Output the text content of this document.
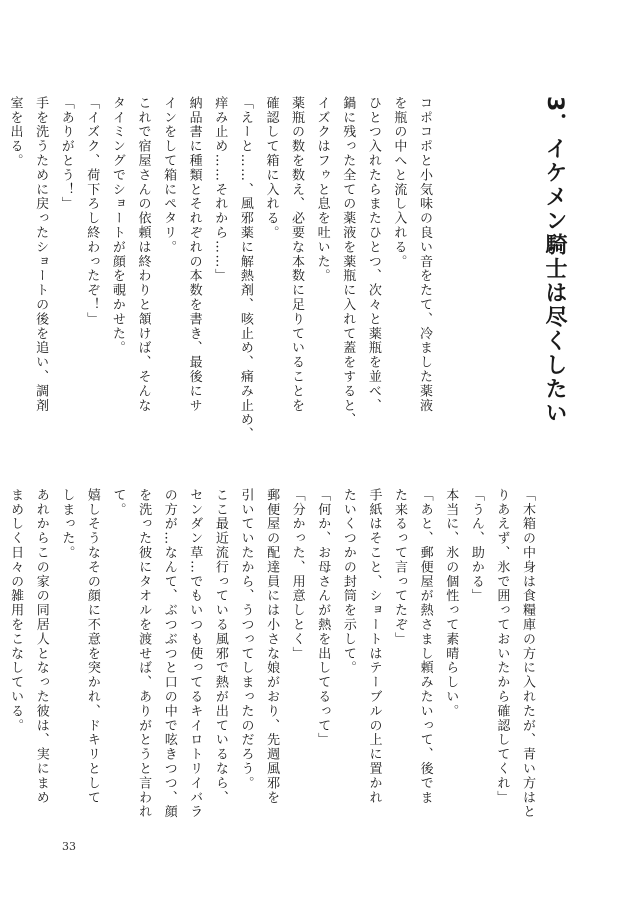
3．イケメン騎士は尽くしたい
コポコポと小気味の良い音をたて、冷ました薬液
を瓶の中へと流し入れる。
ひとつ入れたらまたひとつ、次々と薬瓶を並べ、
鍋に残った全ての薬液を薬瓶に入れて蓋をすると、
イズクはフゥと息を吐いた。
薬瓶の数を数え、必要な本数に足りていることを
確認して箱に入れる。
「えーと……、風邪薬に解熱剤、咳止め、痛み止め、
痒み止め……それから……」
納品書に種類とそれぞれの本数を書き、最後にサ
インをして箱にペタリ。
これで宿屋さんの依頼は終わりと頷けば、そんな
タイミングでショートが顔を覗かせた。
「イズク、荷下ろし終わったぞ！」
「ありがとう！」
手を洗うために戻ったショートの後を追い、調剤
室を出る。
「木箱の中身は食糧庫の方に入れたが、青い方はと
りあえず、氷で囲っておいたから確認してくれ」
「うん、助かる」
本当に、氷の個性って素晴らしい。
「あと、郵便屋が熱さまし頼みたいって、後でま
た来るって言ってたぞ」
手紙はそこと、ショートはテーブルの上に置かれ
たいくつかの封筒を示して。
「何か、お母さんが熱を出してるって」
「分かった、用意しとく」
郵便屋の配達員には小さな娘がおり、先週風邪を
引いていたから、うつってしまったのだろう。
ここ最近流行っている風邪で熱が出ているなら、
センダン草…でもいつも使ってるキイロトリイバラ
の方が…なんて、ぶつぶつと口の中で呟きつつ、顔
を洗った彼にタオルを渡せば、ありがとうと言われ
て。
嬉しそうなその顔に不意を突かれ、ドキリとして
しまった。
あれからこの家の同居人となった彼は、実にまめ
まめしく日々の雑用をこなしている。
33
